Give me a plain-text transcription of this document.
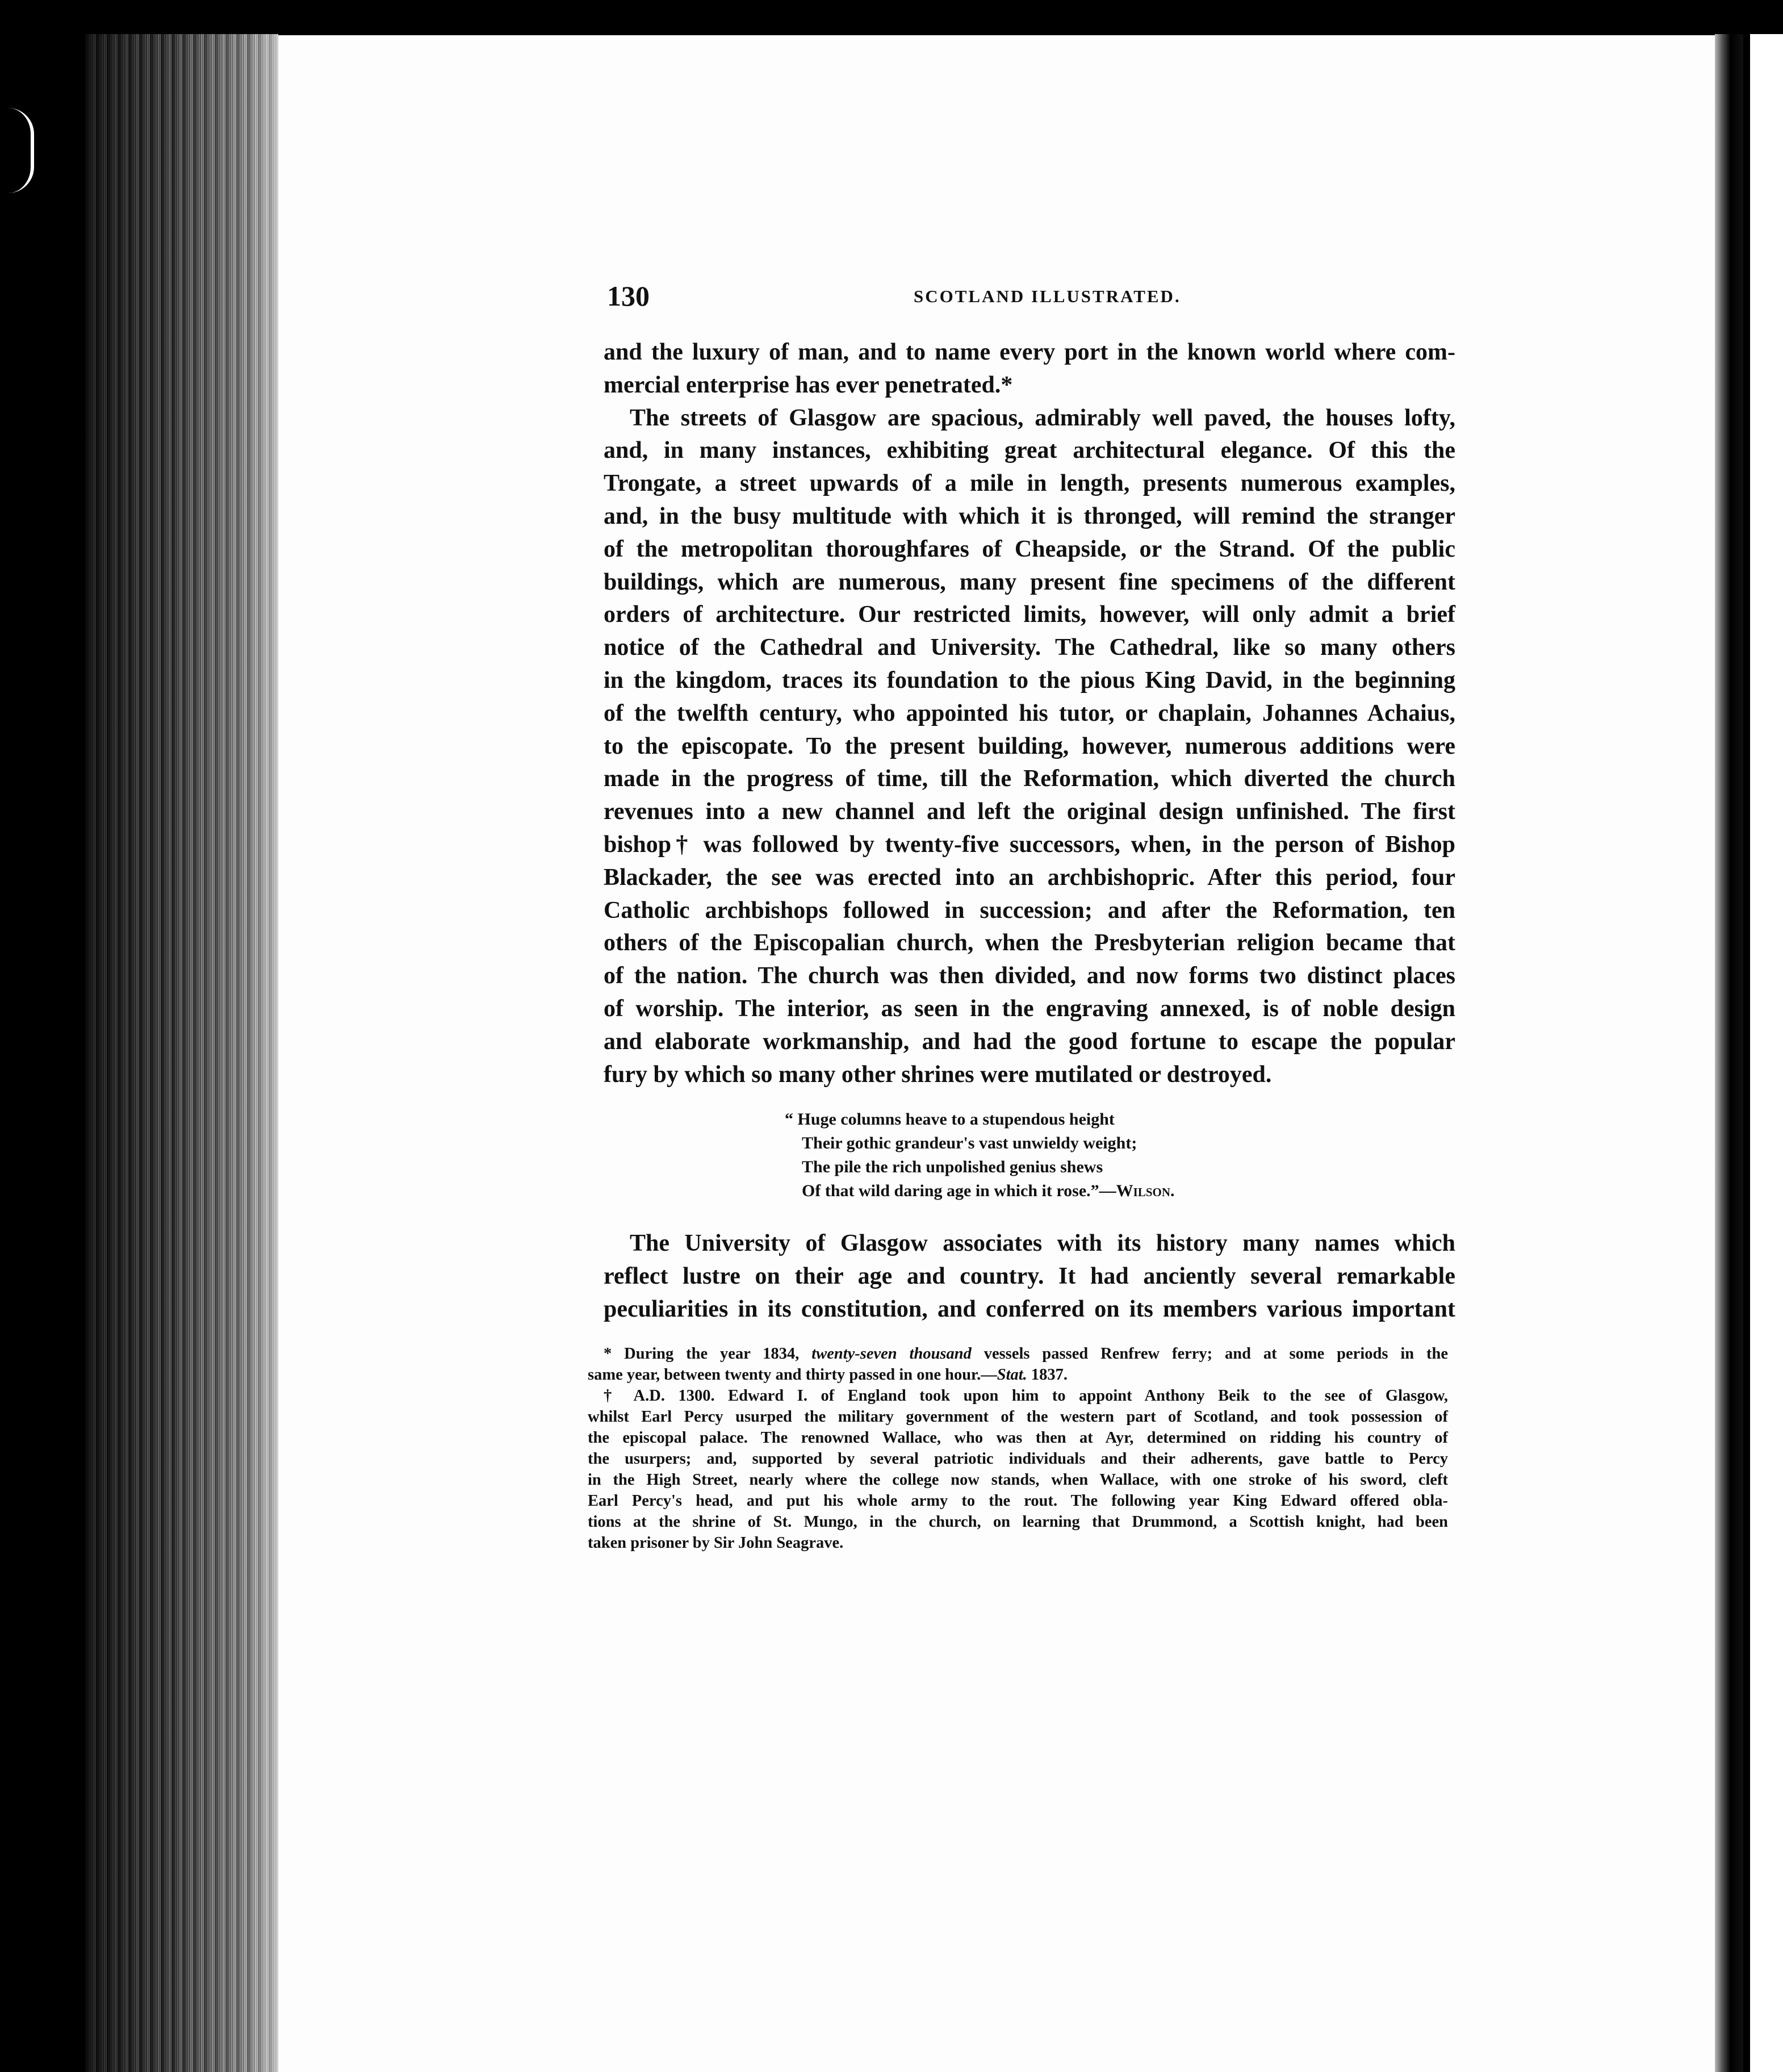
130	SCOTLAND ILLUSTRATED.
and the luxury of man, and to name every port in the known world where com-
mercial enterprise has ever penetrated.*
The streets of Glasgow are spacious, admirably well paved, the houses lofty,
and, in many instances, exhibiting great architectural elegance. Of this the
Trongate, a street upwards of a mile in length, presents numerous examples,
and, in the busy multitude with which it is thronged, will remind the stranger
of the metropolitan thoroughfares of Cheapside, or the Strand. Of the public
buildings, which are numerous, many present fine specimens of the different
orders of architecture. Our restricted limits, however, will only admit a brief
notice of the Cathedral and University. The Cathedral, like so many others
in the kingdom, traces its foundation to the pious King David, in the beginning
of the twelfth century, who appointed his tutor, or chaplain, Johannes Achaius,
to the episcopate. To the present building, however, numerous additions were
made in the progress of time, till the Reformation, which diverted the church
revenues into a new channel and left the original design unfinished. The first
bishop† was followed by twenty-five successors, when, in the person of Bishop
Blackader, the see was erected into an archbishopric. After this period, four
Catholic archbishops followed in succession; and after the Reformation, ten
others of the Episcopalian church, when the Presbyterian religion became that
of the nation. The church was then divided, and now forms two distinct places
of worship. The interior, as seen in the engraving annexed, is of noble design
and elaborate workmanship, and had the good fortune to escape the popular
fury by which so many other shrines were mutilated or destroyed.
“ Huge columns heave to a stupendous height
Their gothic grandeur's vast unwieldy weight;
The pile the rich unpolished genius shews
Of that wild daring age in which it rose.”—Wilson.
The University of Glasgow associates with its history many names which
reflect lustre on their age and country. It had anciently several remarkable
peculiarities in its constitution, and conferred on its members various important
* During the year 1834, twenty-seven thousand vessels passed Renfrew ferry; and at some periods in the
same year, between twenty and thirty passed in one hour.—Stat. 1837.
† A.D. 1300. Edward I. of England took upon him to appoint Anthony Beik to the see of Glasgow,
whilst Earl Percy usurped the military government of the western part of Scotland, and took possession of
the episcopal palace. The renowned Wallace, who was then at Ayr, determined on ridding his country of
the usurpers; and, supported by several patriotic individuals and their adherents, gave battle to Percy
in the High Street, nearly where the college now stands, when Wallace, with one stroke of his sword, cleft
Earl Percy's head, and put his whole army to the rout. The following year King Edward offered obla-
tions at the shrine of St. Mungo, in the church, on learning that Drummond, a Scottish knight, had been
taken prisoner by Sir John Seagrave.
